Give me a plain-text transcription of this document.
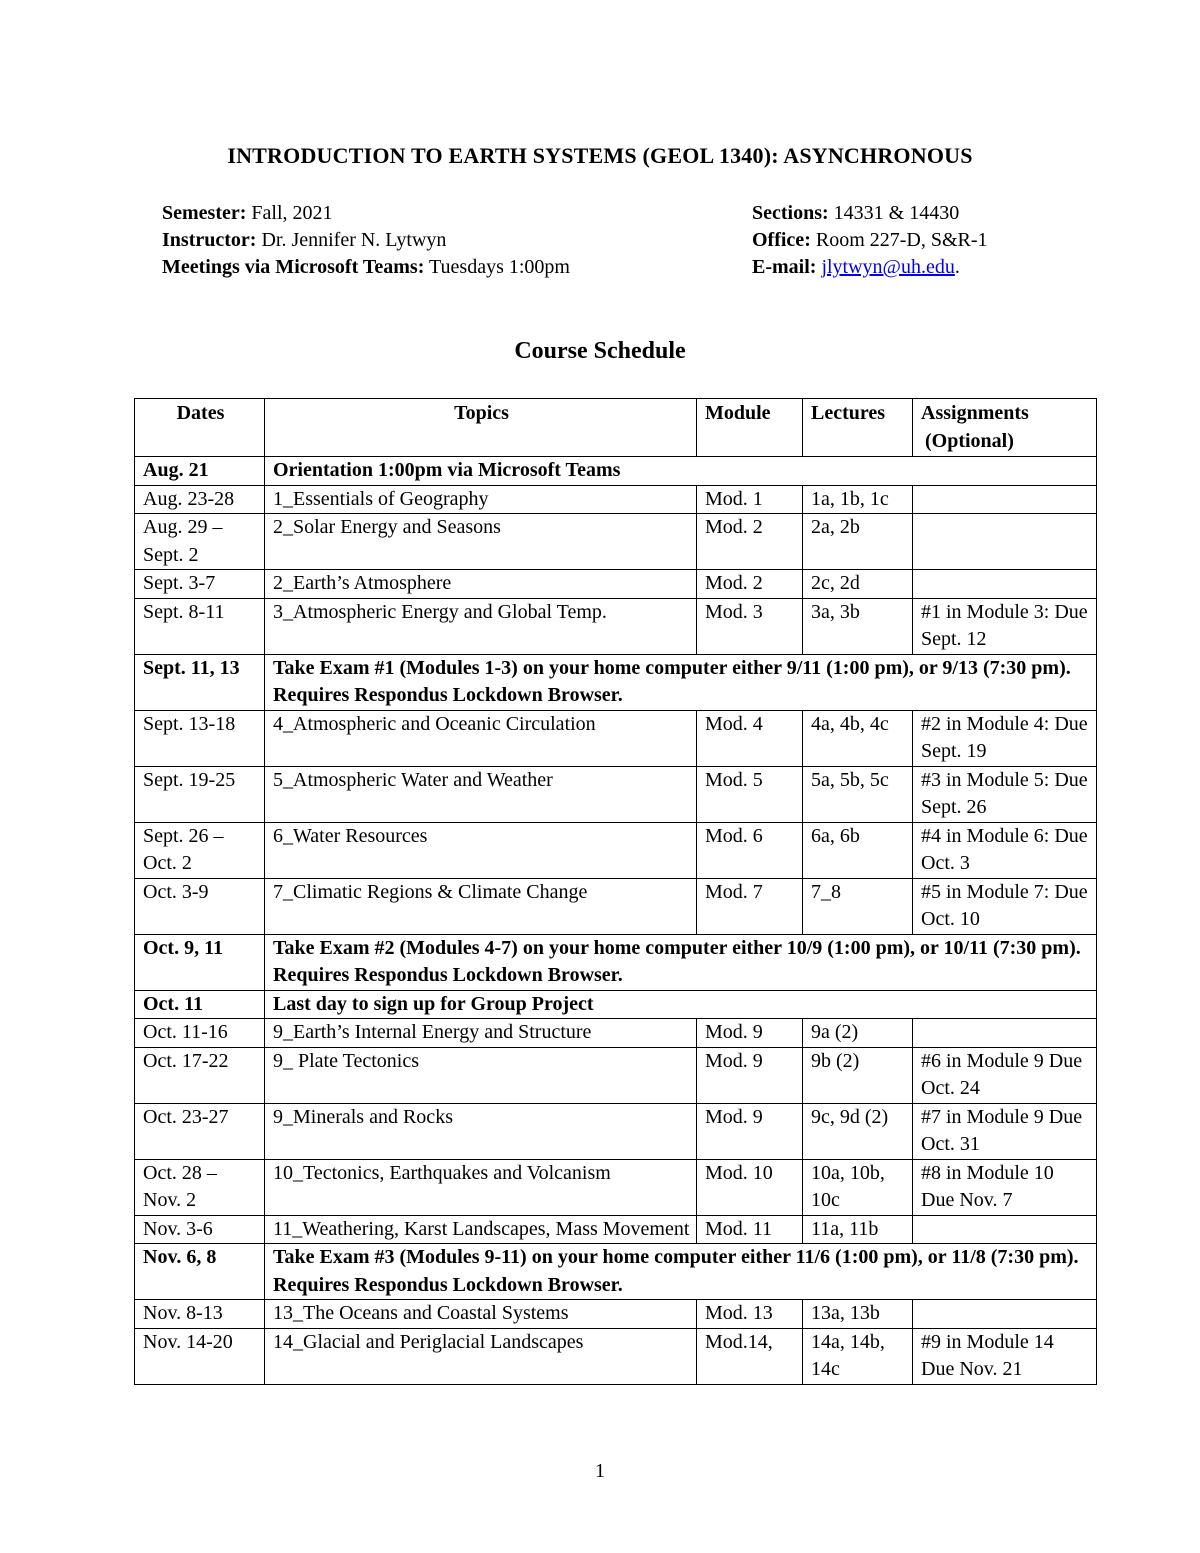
INTRODUCTION TO EARTH SYSTEMS (GEOL 1340): ASYNCHRONOUS
Semester: Fall, 2021
Instructor: Dr. Jennifer N. Lytwyn
Meetings via Microsoft Teams: Tuesdays 1:00pm
Sections: 14331 & 14430
Office: Room 227-D, S&R-1
E-mail: jlytwyn@uh.edu.
Course Schedule
Dates	Topics	Module	Lectures	Assignments
(Optional)

Aug. 21	Orientation 1:00pm via Microsoft Teams			
Aug. 23-28	1_Essentials of Geography	Mod. 1	1a, 1b, 1c	
Aug. 29 – Sept. 2	2_Solar Energy and Seasons	Mod. 2	2a, 2b	
Sept. 3-7	2_Earth’s Atmosphere	Mod. 2	2c, 2d	
Sept. 8-11	3_Atmospheric Energy and Global Temp.	Mod. 3	3a, 3b	#1 in Module 3: Due Sept. 12
Sept. 11, 13	Take Exam #1 (Modules 1-3) on your home computer either 9/11 (1:00 pm), or 9/13 (7:30 pm). Requires Respondus Lockdown Browser.			
Sept. 13-18	4_Atmospheric and Oceanic Circulation	Mod. 4	4a, 4b, 4c	#2 in Module 4: Due Sept. 19
Sept. 19-25	5_Atmospheric Water and Weather	Mod. 5	5a, 5b, 5c	#3 in Module 5: Due Sept. 26
Sept. 26 – Oct. 2	6_Water Resources	Mod. 6	6a, 6b	#4 in Module 6: Due Oct. 3
Oct. 3-9	7_Climatic Regions & Climate Change	Mod. 7	7_8	#5 in Module 7: Due Oct. 10
Oct. 9, 11	Take Exam #2 (Modules 4-7) on your home computer either 10/9 (1:00 pm), or 10/11 (7:30 pm). Requires Respondus Lockdown Browser.			
Oct. 11	Last day to sign up for Group Project			
Oct. 11-16	9_Earth’s Internal Energy and Structure	Mod. 9	9a (2)	
Oct. 17-22	9_ Plate Tectonics	Mod. 9	9b (2)	#6 in Module 9 Due Oct. 24
Oct. 23-27	9_Minerals and Rocks	Mod. 9	9c, 9d (2)	#7 in Module 9 Due Oct. 31
Oct. 28 – Nov. 2	10_Tectonics, Earthquakes and Volcanism	Mod. 10	10a, 10b, 10c	#8 in Module 10 Due Nov. 7
Nov. 3-6	11_Weathering, Karst Landscapes, Mass Movement	Mod. 11	11a, 11b	
Nov. 6, 8	Take Exam #3 (Modules 9-11) on your home computer either 11/6 (1:00 pm), or 11/8 (7:30 pm). Requires Respondus Lockdown Browser.			
Nov. 8-13	13_The Oceans and Coastal Systems	Mod. 13	13a, 13b	
Nov. 14-20	14_Glacial and Periglacial Landscapes	Mod.14,	14a, 14b, 14c	#9 in Module 14 Due Nov. 21
1
